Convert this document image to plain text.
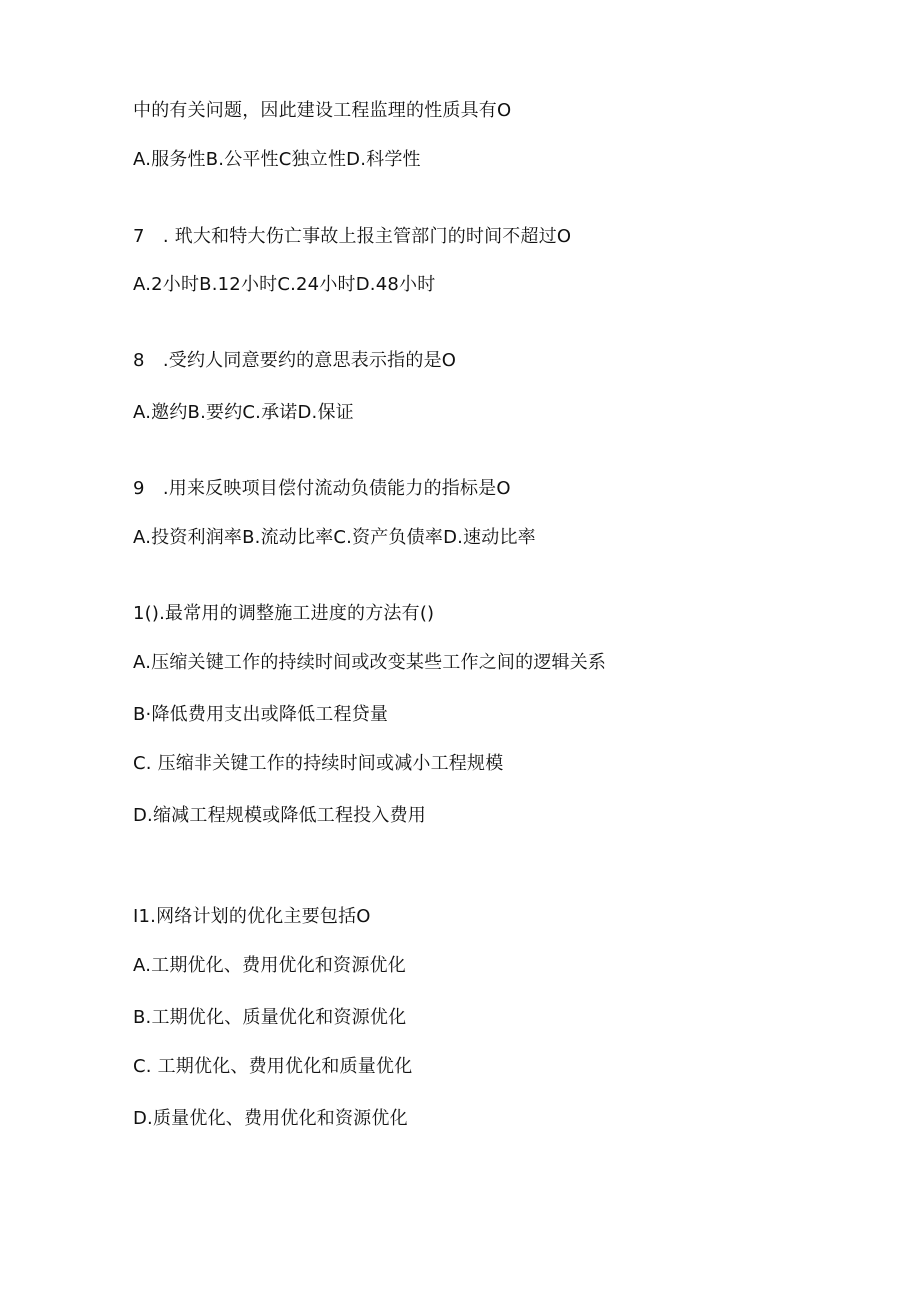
中的有关问题，因此建设工程监理的性质具有O
A.服务性B.公平性C独立性D.科学性
7　. 玳大和特大伤亡事故上报主管部门的时间不超过O
A.2小时B.12小时C.24小时D.48小时
8　.受约人同意要约的意思表示指的是O
A.邀约B.要约C.承诺D.保证
9　.用来反映项目偿付流动负债能力的指标是O
A.投资利润率B.流动比率C.资产负债率D.速动比率
1().最常用的调整施工进度的方法有()
A.压缩关键工作的持续时间或改变某些工作之间的逻辑关系
B·降低费用支出或降低工程贷量
C. 压缩非关键工作的持续时间或减小工程规模
D.缩减工程规模或降低工程投入费用
I1.网络计划的优化主要包括O
A.工期优化、费用优化和资源优化
B.工期优化、质量优化和资源优化
C. 工期优化、费用优化和质量优化
D.质量优化、费用优化和资源优化
